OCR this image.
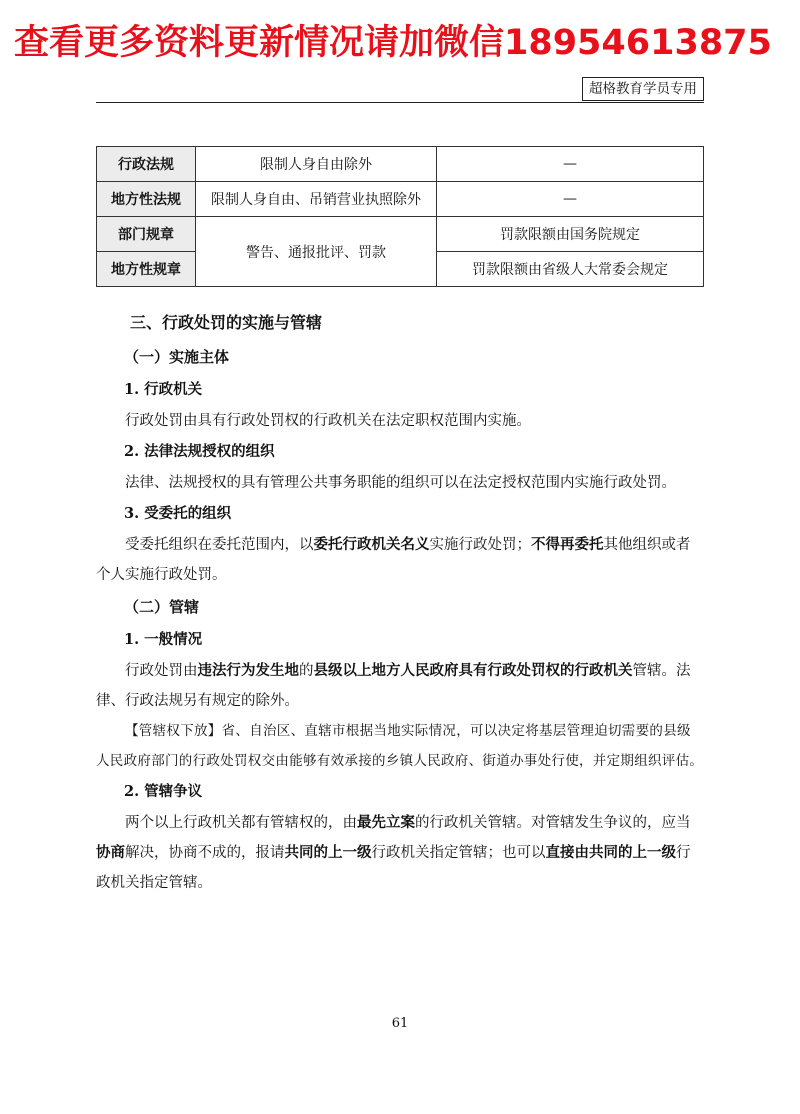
查看更多资料更新情况请加微信18954613875
超格教育学员专用
行政法规	限制人身自由除外	—
地方性法规	限制人身自由、吊销营业执照除外	—
部门规章	警告、通报批评、罚款	罚款限额由国务院规定
地方性规章		罚款限额由省级人大常委会规定

三、行政处罚的实施与管辖

（一）实施主体

1. 行政机关

行政处罚由具有行政处罚权的行政机关在法定职权范围内实施。

2. 法律法规授权的组织

法律、法规授权的具有管理公共事务职能的组织可以在法定授权范围内实施行政处罚。

3. 受委托的组织

受委托组织在委托范围内，以委托行政机关名义实施行政处罚；不得再委托其他组织或者个人实施行政处罚。

（二）管辖

1. 一般情况

行政处罚由违法行为发生地的县级以上地方人民政府具有行政处罚权的行政机关管辖。法律、行政法规另有规定的除外。

【管辖权下放】省、自治区、直辖市根据当地实际情况，可以决定将基层管理迫切需要的县级人民政府部门的行政处罚权交由能够有效承接的乡镇人民政府、街道办事处行使，并定期组织评估。

2. 管辖争议

两个以上行政机关都有管辖权的，由最先立案的行政机关管辖。对管辖发生争议的，应当协商解决，协商不成的，报请共同的上一级行政机关指定管辖；也可以直接由共同的上一级行政机关指定管辖。

61
